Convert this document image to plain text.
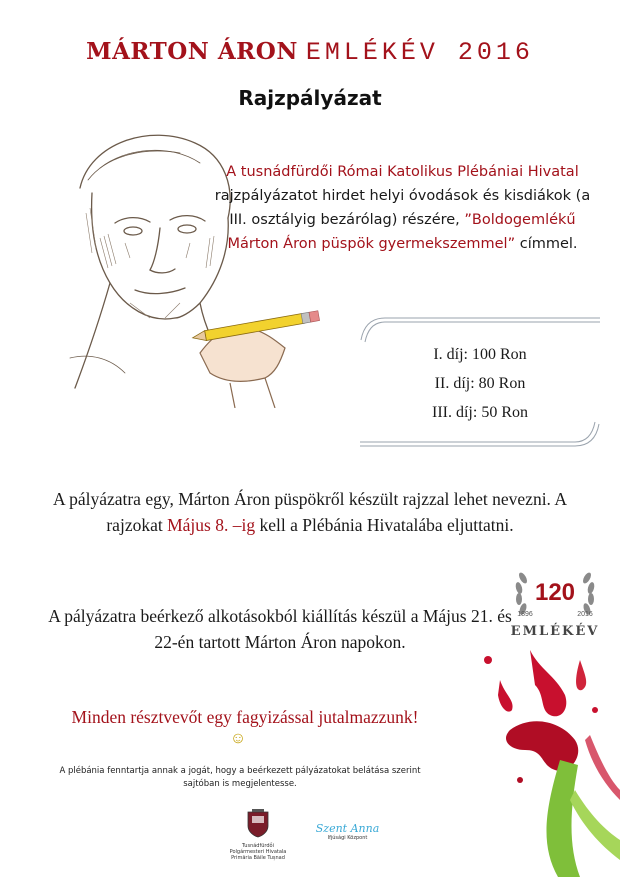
MÁRTON ÁRON EMLÉKÉV 2016
Rajzpályázat
A tusnádfürdői Római Katolikus Plébániai Hivatal rajzpályázatot hirdet helyi óvodások és kisdiákok (a III. osztályig bezárólag) részére, ”Boldogemlékű Márton Áron püspök gyermekszemmel” címmel.
I. díj: 100 Ron
II. díj: 80 Ron
III. díj: 50 Ron
A pályázatra egy, Márton Áron püspökről készült rajzzal lehet nevezni. A rajzokat Május 8. –ig kell a Plébánia Hivatalába eljuttatni.
120
1896	2016
EMLÉKÉV
A pályázatra beérkező alkotásokból kiállítás készül a Május 21. és 22-én tartott Márton Áron napokon.
Minden résztvevőt egy fagyizással jutalmazzunk!
☺
A plébánia fenntartja annak a jogát, hogy a beérkezett pályázatokat belátása szerint sajtóban is megjelentesse.
Tusnádfürdői Polgármesteri Hivatala Primăria Băile Tușnad
Szent Anna
Ifjúsági Központ
